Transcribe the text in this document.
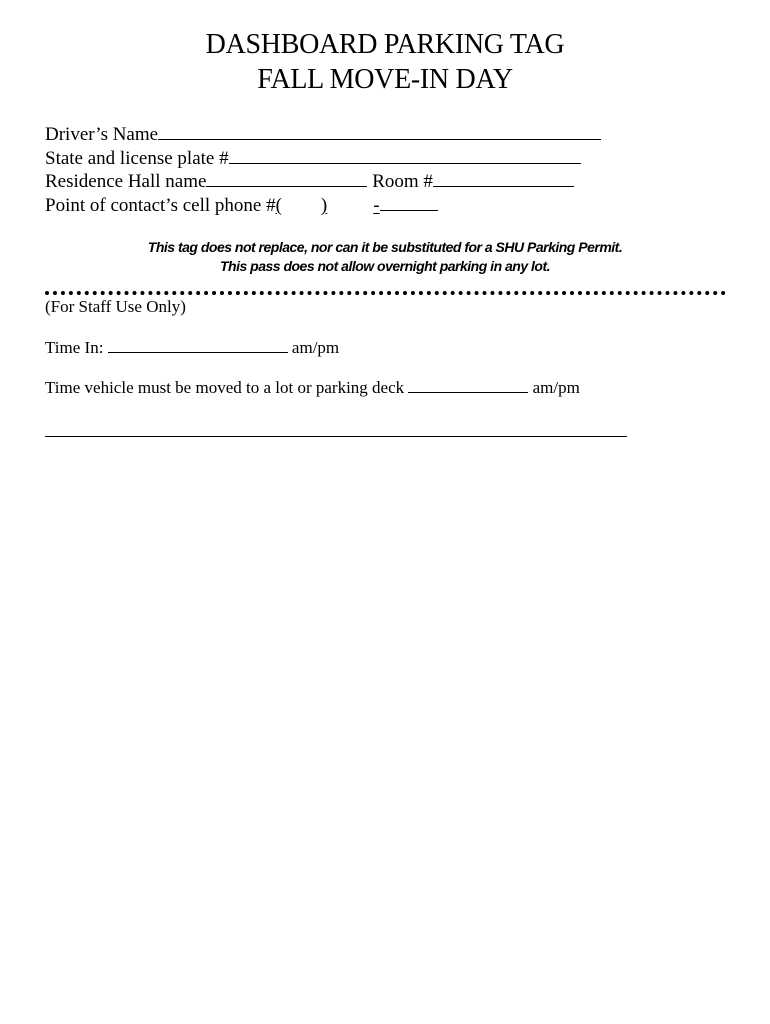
DASHBOARD PARKING TAG
FALL MOVE-IN DAY
Driver’s Name
State and license plate #
Residence Hall name	Room #
Point of contact’s cell phone #( ) -
This tag does not replace, nor can it be substituted for a SHU Parking Permit.
This pass does not allow overnight parking in any lot.
(For Staff Use Only)
Time In:	am/pm
Time vehicle must be moved to a lot or parking deck	am/pm
